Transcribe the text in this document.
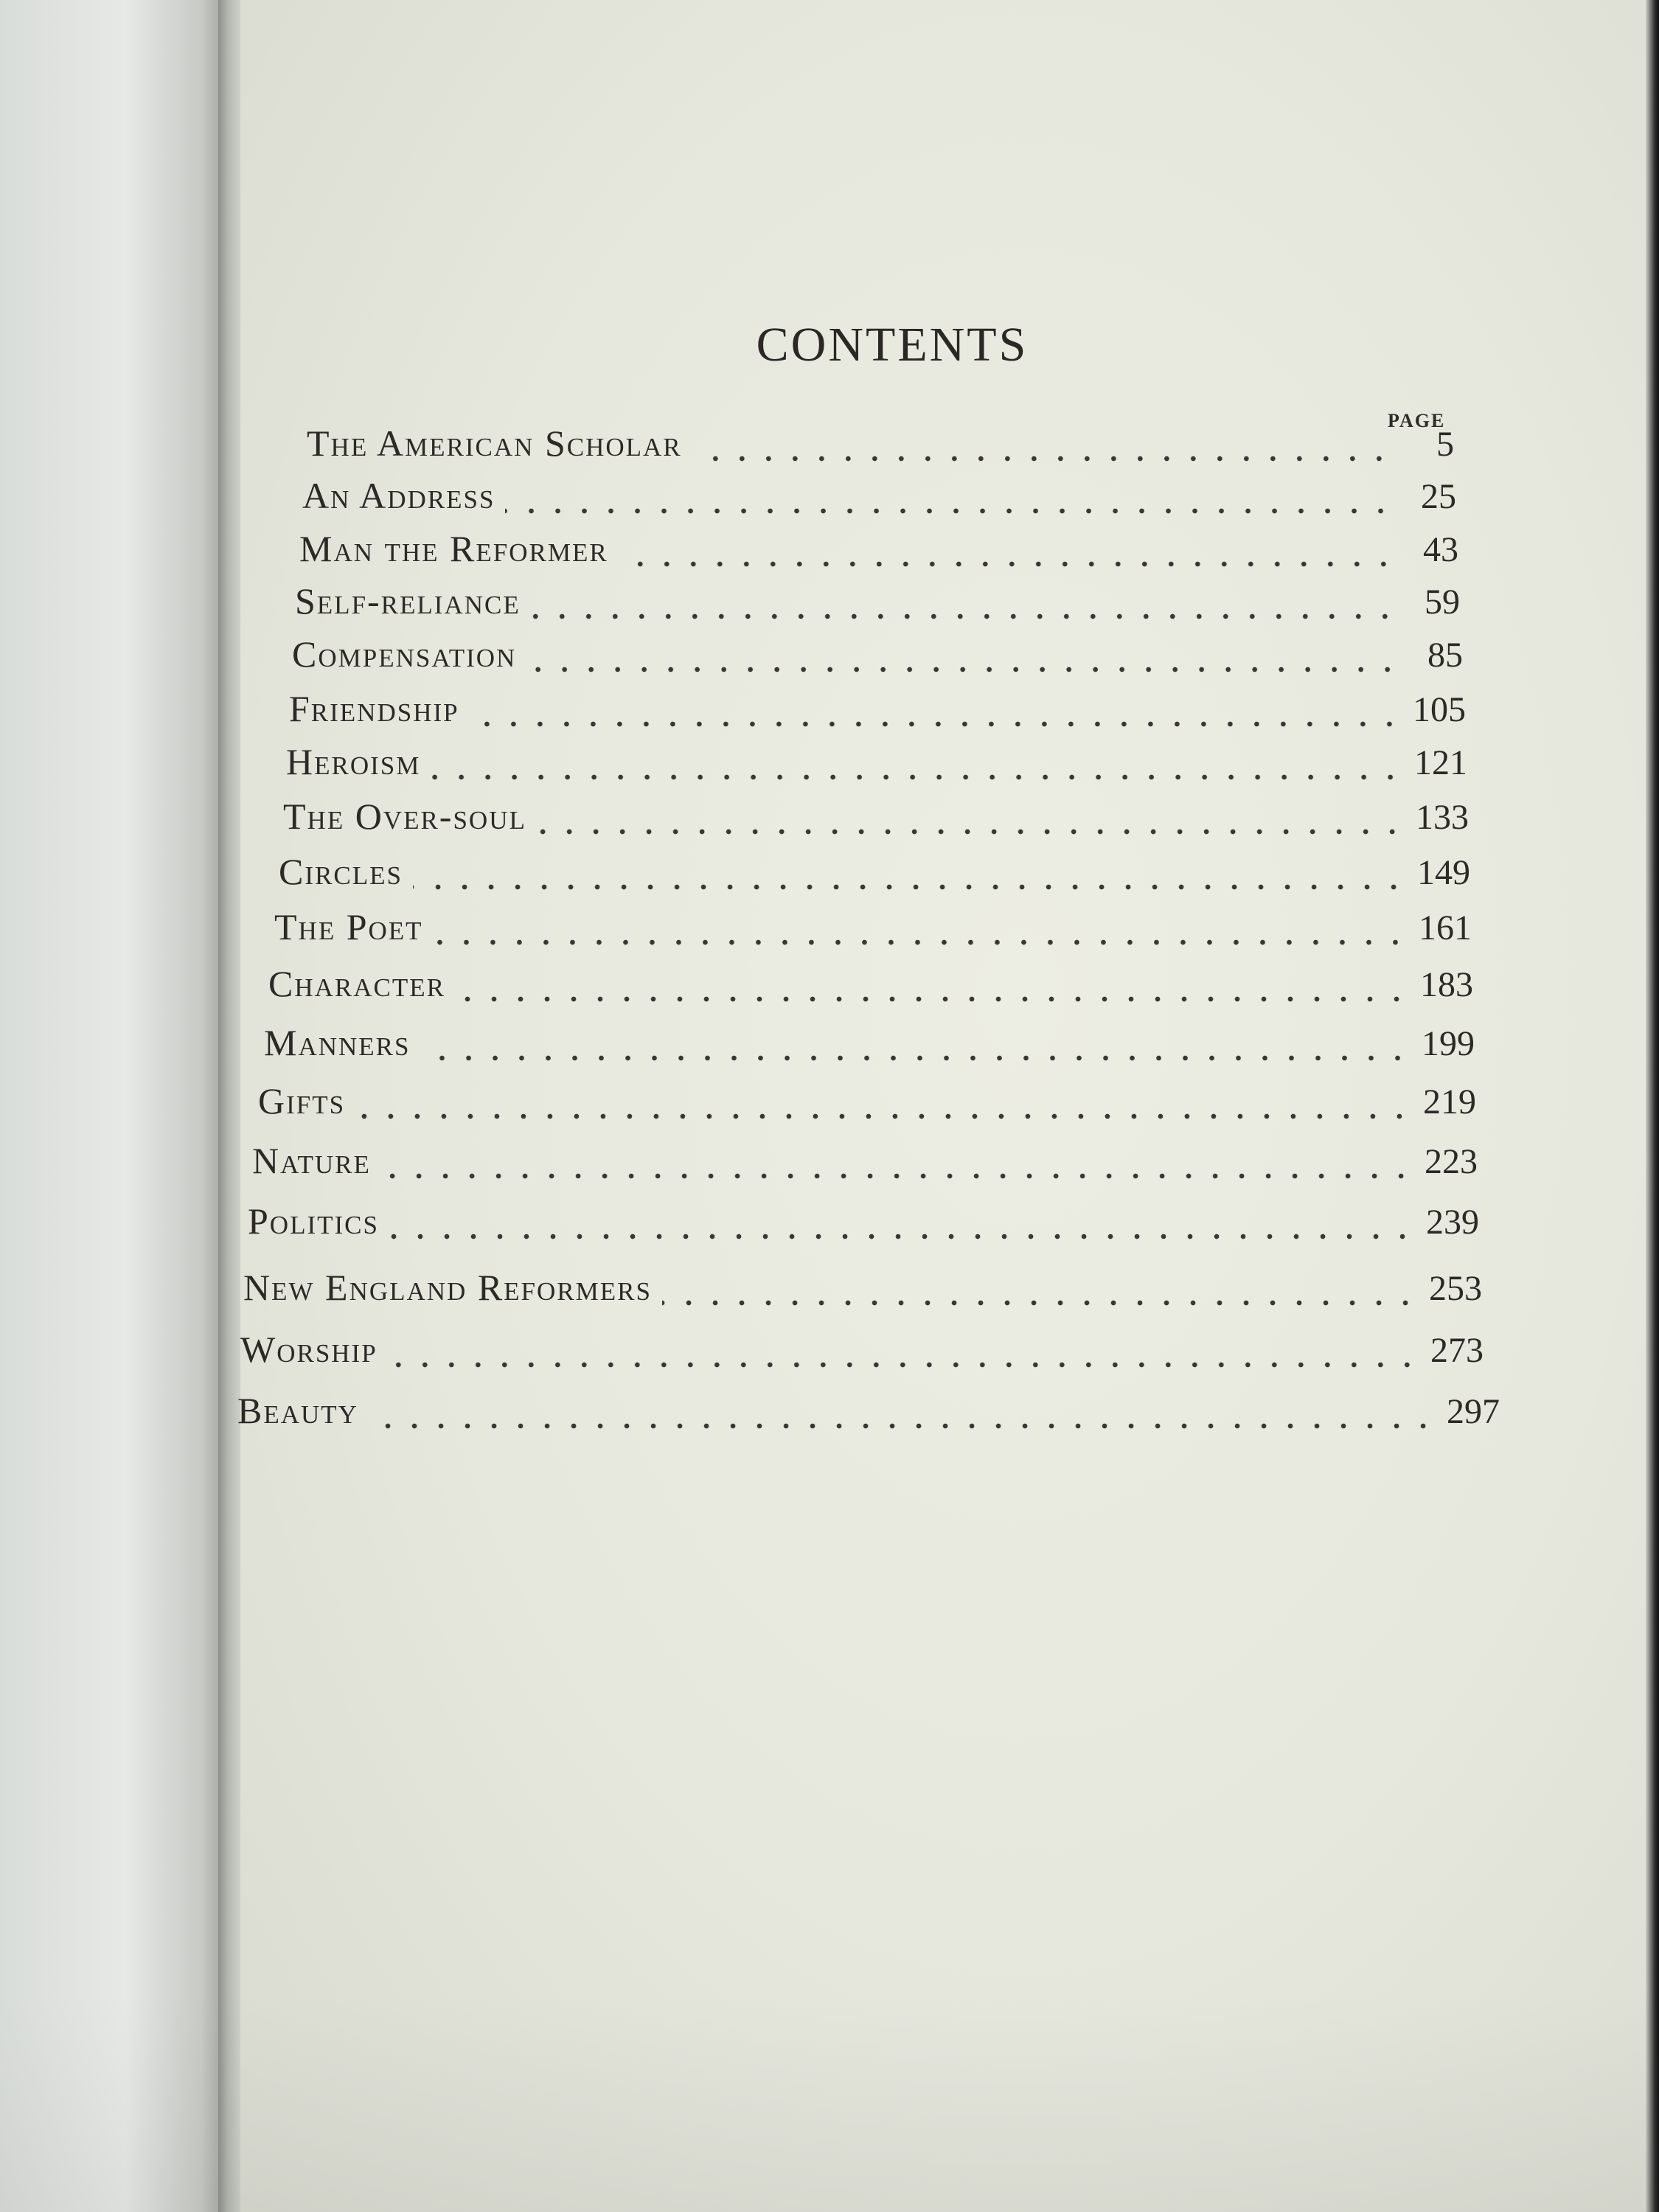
CONTENTS
PAGE
The American Scholar	5
An Address	25
Man the Reformer	43
Self-reliance	59
Compensation	85
Friendship	105
Heroism	121
The Over-soul	133
Circles	149
The Poet	161
Character	183
Manners	199
Gifts	219
Nature	223
Politics	239
New England Reformers	253
Worship	273
Beauty	297
